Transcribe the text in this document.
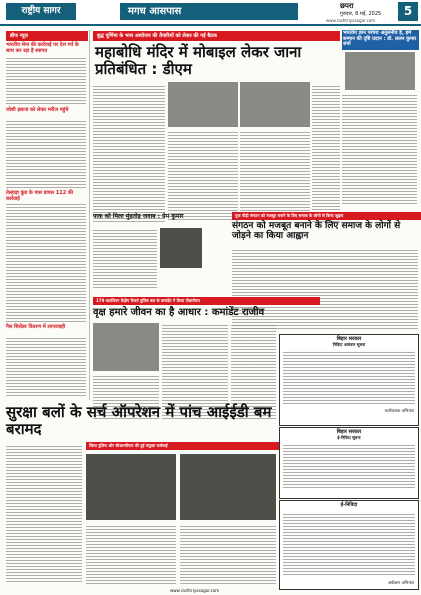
राष्ट्रीय सागर	मगध आसपास	छपरा
गुरुवार, 8 मई, 2025
www.rashtriyasagar.com
5
ब्रीफ न्यूज़
भारतीय सेना की कार्रवाई पर देश गर्व के साथ कर रहा है स्वागत
जोशी इलाज को लेकर मरीज पहुंचे
तेल्हाड़ा कुंड के पास डायल 112 की कार्रवाई
गैस सिलेंडर वितरण में लापरवाही
बुद्ध पूर्णिमा के भव्य आयोजन की तैयारियों को लेकर की गई बैठक
महाबोधि मंदिर में मोबाइल लेकर जाना प्रतिबंधित : डीएम
भारतीय ज्ञान परंपरा अतुलनीय है, हमें सम्मान की दृष्टि प्रदान : डॉ. ललन कुमार शर्मा
पाक को मिला मुंहतोड़ जवाब : प्रेम कुमार	युवा पीढ़ी संगठन को मजबूत बनाने के लिए समाज के लोगों से किया जुड़ाव
संगठन को मजबूत बनाने के लिए समाज के लोगों से जोड़ने का किया आह्वान
179 बटालियन केंद्रीय रिजर्व पुलिस बल के कमांडेंट ने किया पौधारोपण
वृक्ष हमारे जीवन का है आधार : कमांडेंट राजीव
बिहार सरकार
निविदा आमंत्रण सूचना
कार्यपालक अभियंता
बिहार सरकार
ई-निविदा सूचना
ई-निविदा
अधीक्षण अभियंता
सुरक्षा बलों के सर्च ऑपरेशन में पांच आईईडी बम बरामद
जिला पुलिस और सीआरपीएफ की हुई संयुक्त कार्रवाई
www.rashtriyasagar.com
